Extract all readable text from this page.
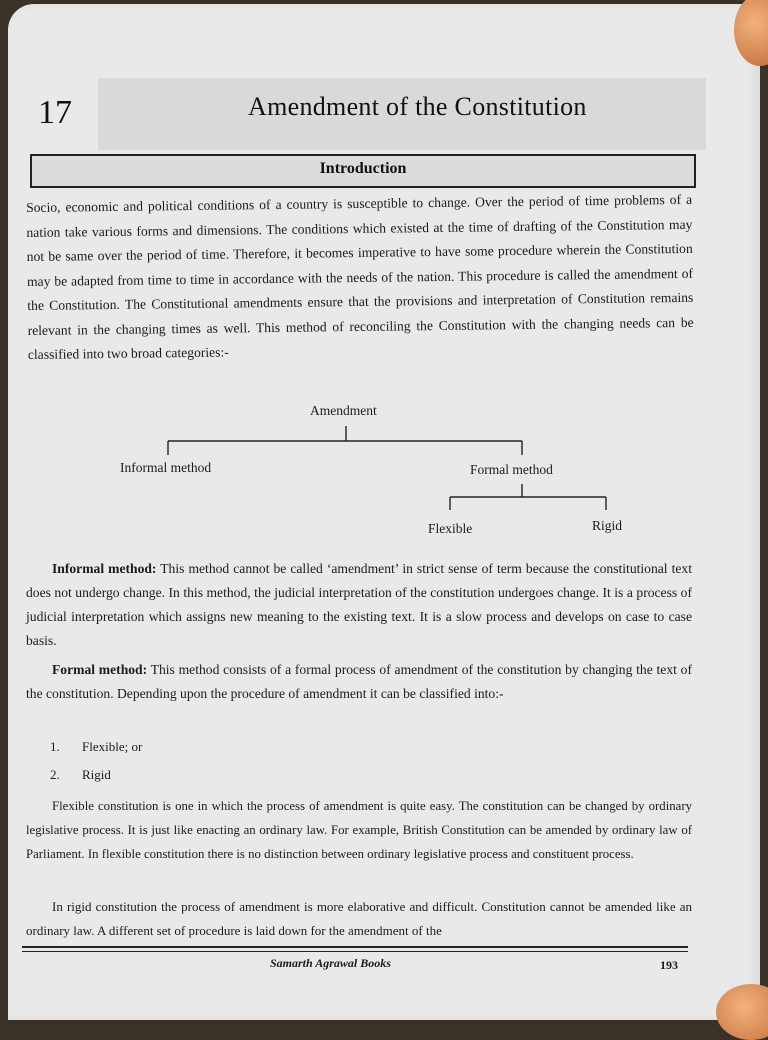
17	Amendment of the Constitution
Introduction
Socio, economic and political conditions of a country is susceptible to change. Over the period of time problems of a nation take various forms and dimensions. The conditions which existed at the time of drafting of the Constitution may not be same over the period of time. Therefore, it becomes imperative to have some procedure wherein the Constitution may be adapted from time to time in accordance with the needs of the nation. This procedure is called the amendment of the Constitution. The Constitutional amendments ensure that the provisions and interpretation of Constitution remains relevant in the changing times as well. This method of reconciling the Constitution with the changing needs can be classified into two broad categories:-
Amendment
Informal method	Formal method
Flexible	Rigid
Informal method: This method cannot be called ‘amendment’ in strict sense of term because the constitutional text does not undergo change. In this method, the judicial interpretation of the constitution undergoes change. It is a process of judicial interpretation which assigns new meaning to the existing text. It is a slow process and develops on case to case basis.
Formal method: This method consists of a formal process of amendment of the constitution by changing the text of the constitution. Depending upon the procedure of amendment it can be classified into:-
1. Flexible; or
2. Rigid
Flexible constitution is one in which the process of amendment is quite easy. The constitution can be changed by ordinary legislative process. It is just like enacting an ordinary law. For example, British Constitution can be amended by ordinary law of Parliament. In flexible constitution there is no distinction between ordinary legislative process and constituent process.
In rigid constitution the process of amendment is more elaborative and difficult. Constitution cannot be amended like an ordinary law. A different set of procedure is laid down for the amendment of the
Samarth Agrawal Books	193
